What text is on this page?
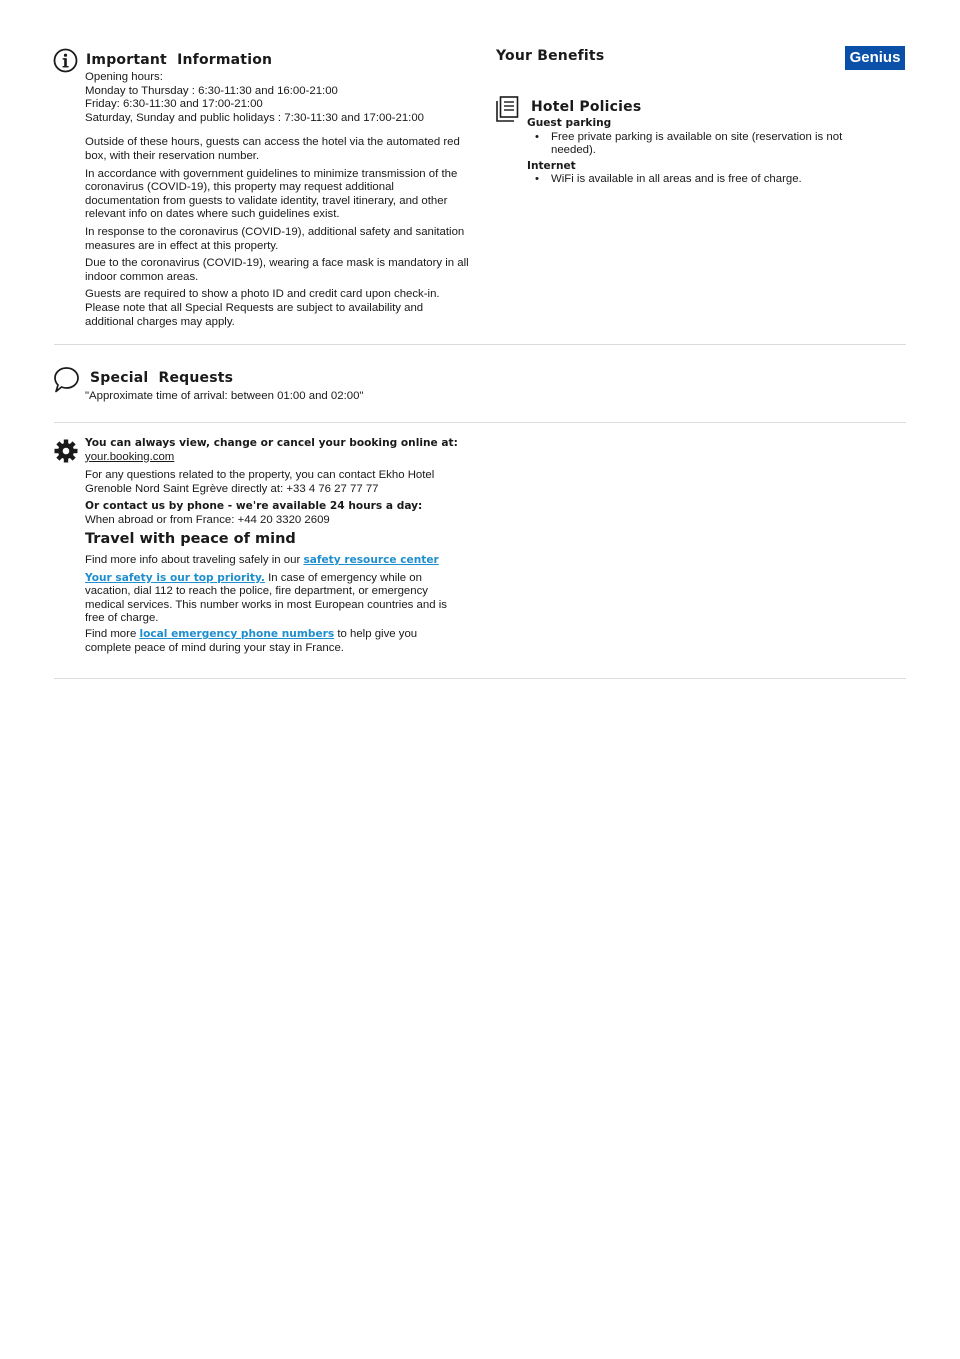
Important  Information
Opening hours:
Monday to Thursday : 6:30-11:30 and 16:00-21:00
Friday: 6:30-11:30 and 17:00-21:00
Saturday, Sunday and public holidays : 7:30-11:30 and 17:00-21:00

Outside of these hours, guests can access the hotel via the automated red box, with their reservation number.

In accordance with government guidelines to minimize transmission of the coronavirus (COVID-19), this property may request additional documentation from guests to validate identity, travel itinerary, and other relevant info on dates where such guidelines exist.

In response to the coronavirus (COVID-19), additional safety and sanitation measures are in effect at this property.

Due to the coronavirus (COVID-19), wearing a face mask is mandatory in all indoor common areas.

Guests are required to show a photo ID and credit card upon check-in. Please note that all Special Requests are subject to availability and additional charges may apply.

Your Benefits	Genius
Hotel Policies
Guest parking
• Free private parking is available on site (reservation is not needed).
Internet
• WiFi is available in all areas and is free of charge.
Special  Requests
"Approximate time of arrival: between 01:00 and 02:00"
You can always view, change or cancel your booking online at:
your.booking.com
For any questions related to the property, you can contact Ekho Hotel Grenoble Nord Saint Egrève directly at: +33 4 76 27 77 77
Or contact us by phone - we're available 24 hours a day:
When abroad or from France: +44 20 3320 2609
Travel with peace of mind
Find more info about traveling safely in our safety resource center
Your safety is our top priority. In case of emergency while on vacation, dial 112 to reach the police, fire department, or emergency medical services. This number works in most European countries and is free of charge.
Find more local emergency phone numbers to help give you complete peace of mind during your stay in France.
